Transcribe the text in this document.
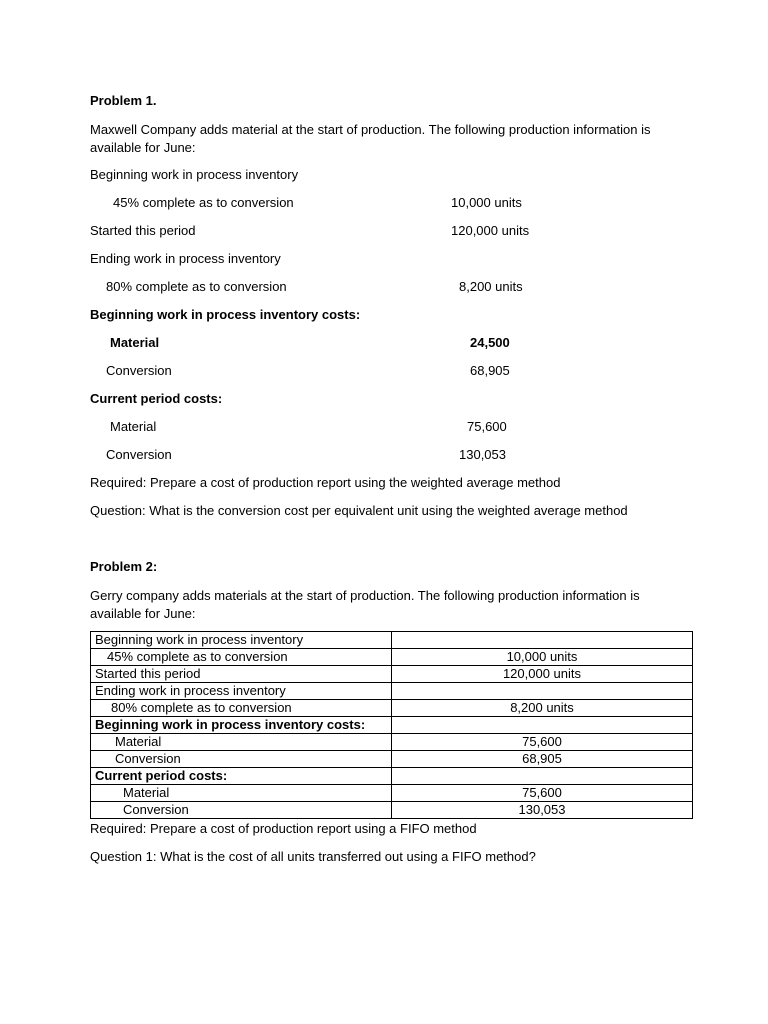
Problem 1.
Maxwell Company adds material at the start of production. The following production information is available for June:
Beginning work in process inventory
45% complete as to conversion	10,000 units
Started this period	120,000 units
Ending work in process inventory
80% complete as to conversion	8,200 units
Beginning work in process inventory costs:
Material	24,500
Conversion	68,905
Current period costs:
Material	75,600
Conversion	130,053
Required: Prepare a cost of production report using the weighted average method
Question: What is the conversion cost per equivalent unit using the weighted average method
Problem 2:
Gerry company adds materials at the start of production. The following production information is available for June:
Beginning work in process inventory	
45% complete as to conversion	10,000 units
Started this period	120,000 units
Ending work in process inventory	
80% complete as to conversion	8,200 units
Beginning work in process inventory costs:	
Material	75,600
Conversion	68,905
Current period costs:	
Material	75,600
Conversion	130,053
Required: Prepare a cost of production report using a FIFO method
Question 1: What is the cost of all units transferred out using a FIFO method?
